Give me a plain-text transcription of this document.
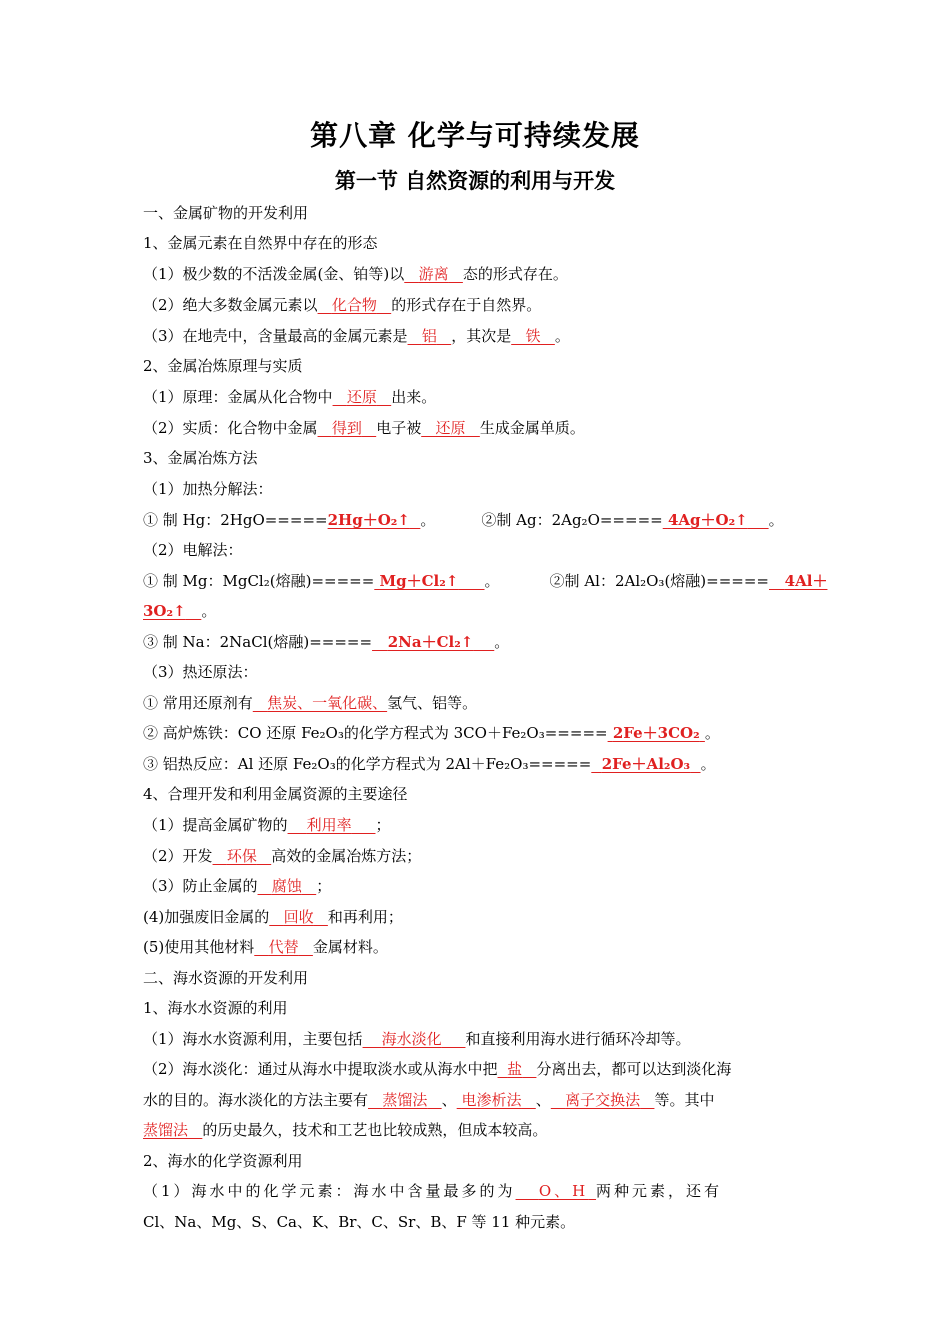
第八章 化学与可持续发展
第一节 自然资源的利用与开发
一、金属矿物的开发利用
1、金属元素在自然界中存在的形态
（1）极少数的不活泼金属(金、铂等)以 游离 态的形式存在。
（2）绝大多数金属元素以 化合物 的形式存在于自然界。
（3）在地壳中，含量最高的金属元素是 铝 ，其次是 铁 。
2、金属冶炼原理与实质
（1）原理：金属从化合物中 还原 出来。
（2）实质：化合物中金属 得到 电子被 还原 生成金属单质。
3、金属冶炼方法
（1）加热分解法：
① 制 Hg：2HgO=====2Hg＋O₂↑ 。	②制 Ag：2Ag₂O===== 4Ag＋O₂↑ 。
（2）电解法：
① 制 Mg：MgCl₂(熔融)===== Mg＋Cl₂↑ 。	②制 Al：2Al₂O₃(熔融)===== 4Al＋
3O₂↑ 。
③ 制 Na：2NaCl(熔融)===== 2Na＋Cl₂↑ 。
（3）热还原法：
① 常用还原剂有 焦炭、一氧化碳、氢气、铝等。
② 高炉炼铁：CO 还原 Fe₂O₃的化学方程式为 3CO＋Fe₂O₃===== 2Fe＋3CO₂ 。
③ 铝热反应：Al 还原 Fe₂O₃的化学方程式为 2Al＋Fe₂O₃===== 2Fe＋Al₂O₃ 。
4、合理开发和利用金属资源的主要途径
（1）提高金属矿物的 利用率 ；
（2）开发 环保 高效的金属冶炼方法；
（3）防止金属的 腐蚀 ；
(4)加强废旧金属的 回收 和再利用；
(5)使用其他材料 代替 金属材料。
二、海水资源的开发利用
1、海水水资源的利用
（1）海水水资源利用，主要包括 海水淡化 和直接利用海水进行循环冷却等。
（2）海水淡化：通过从海水中提取淡水或从海水中把 盐 分离出去，都可以达到淡化海
水的目的。海水淡化的方法主要有 蒸馏法 、 电渗析法 、 离子交换法 等。其中
蒸馏法 的历史最久，技术和工艺也比较成熟，但成本较高。
2、海水的化学资源利用
（1）海水中的化学元素：海水中含量最多的为 O、H 两种元素，还有
Cl、Na、Mg、S、Ca、K、Br、C、Sr、B、F 等 11 种元素。
